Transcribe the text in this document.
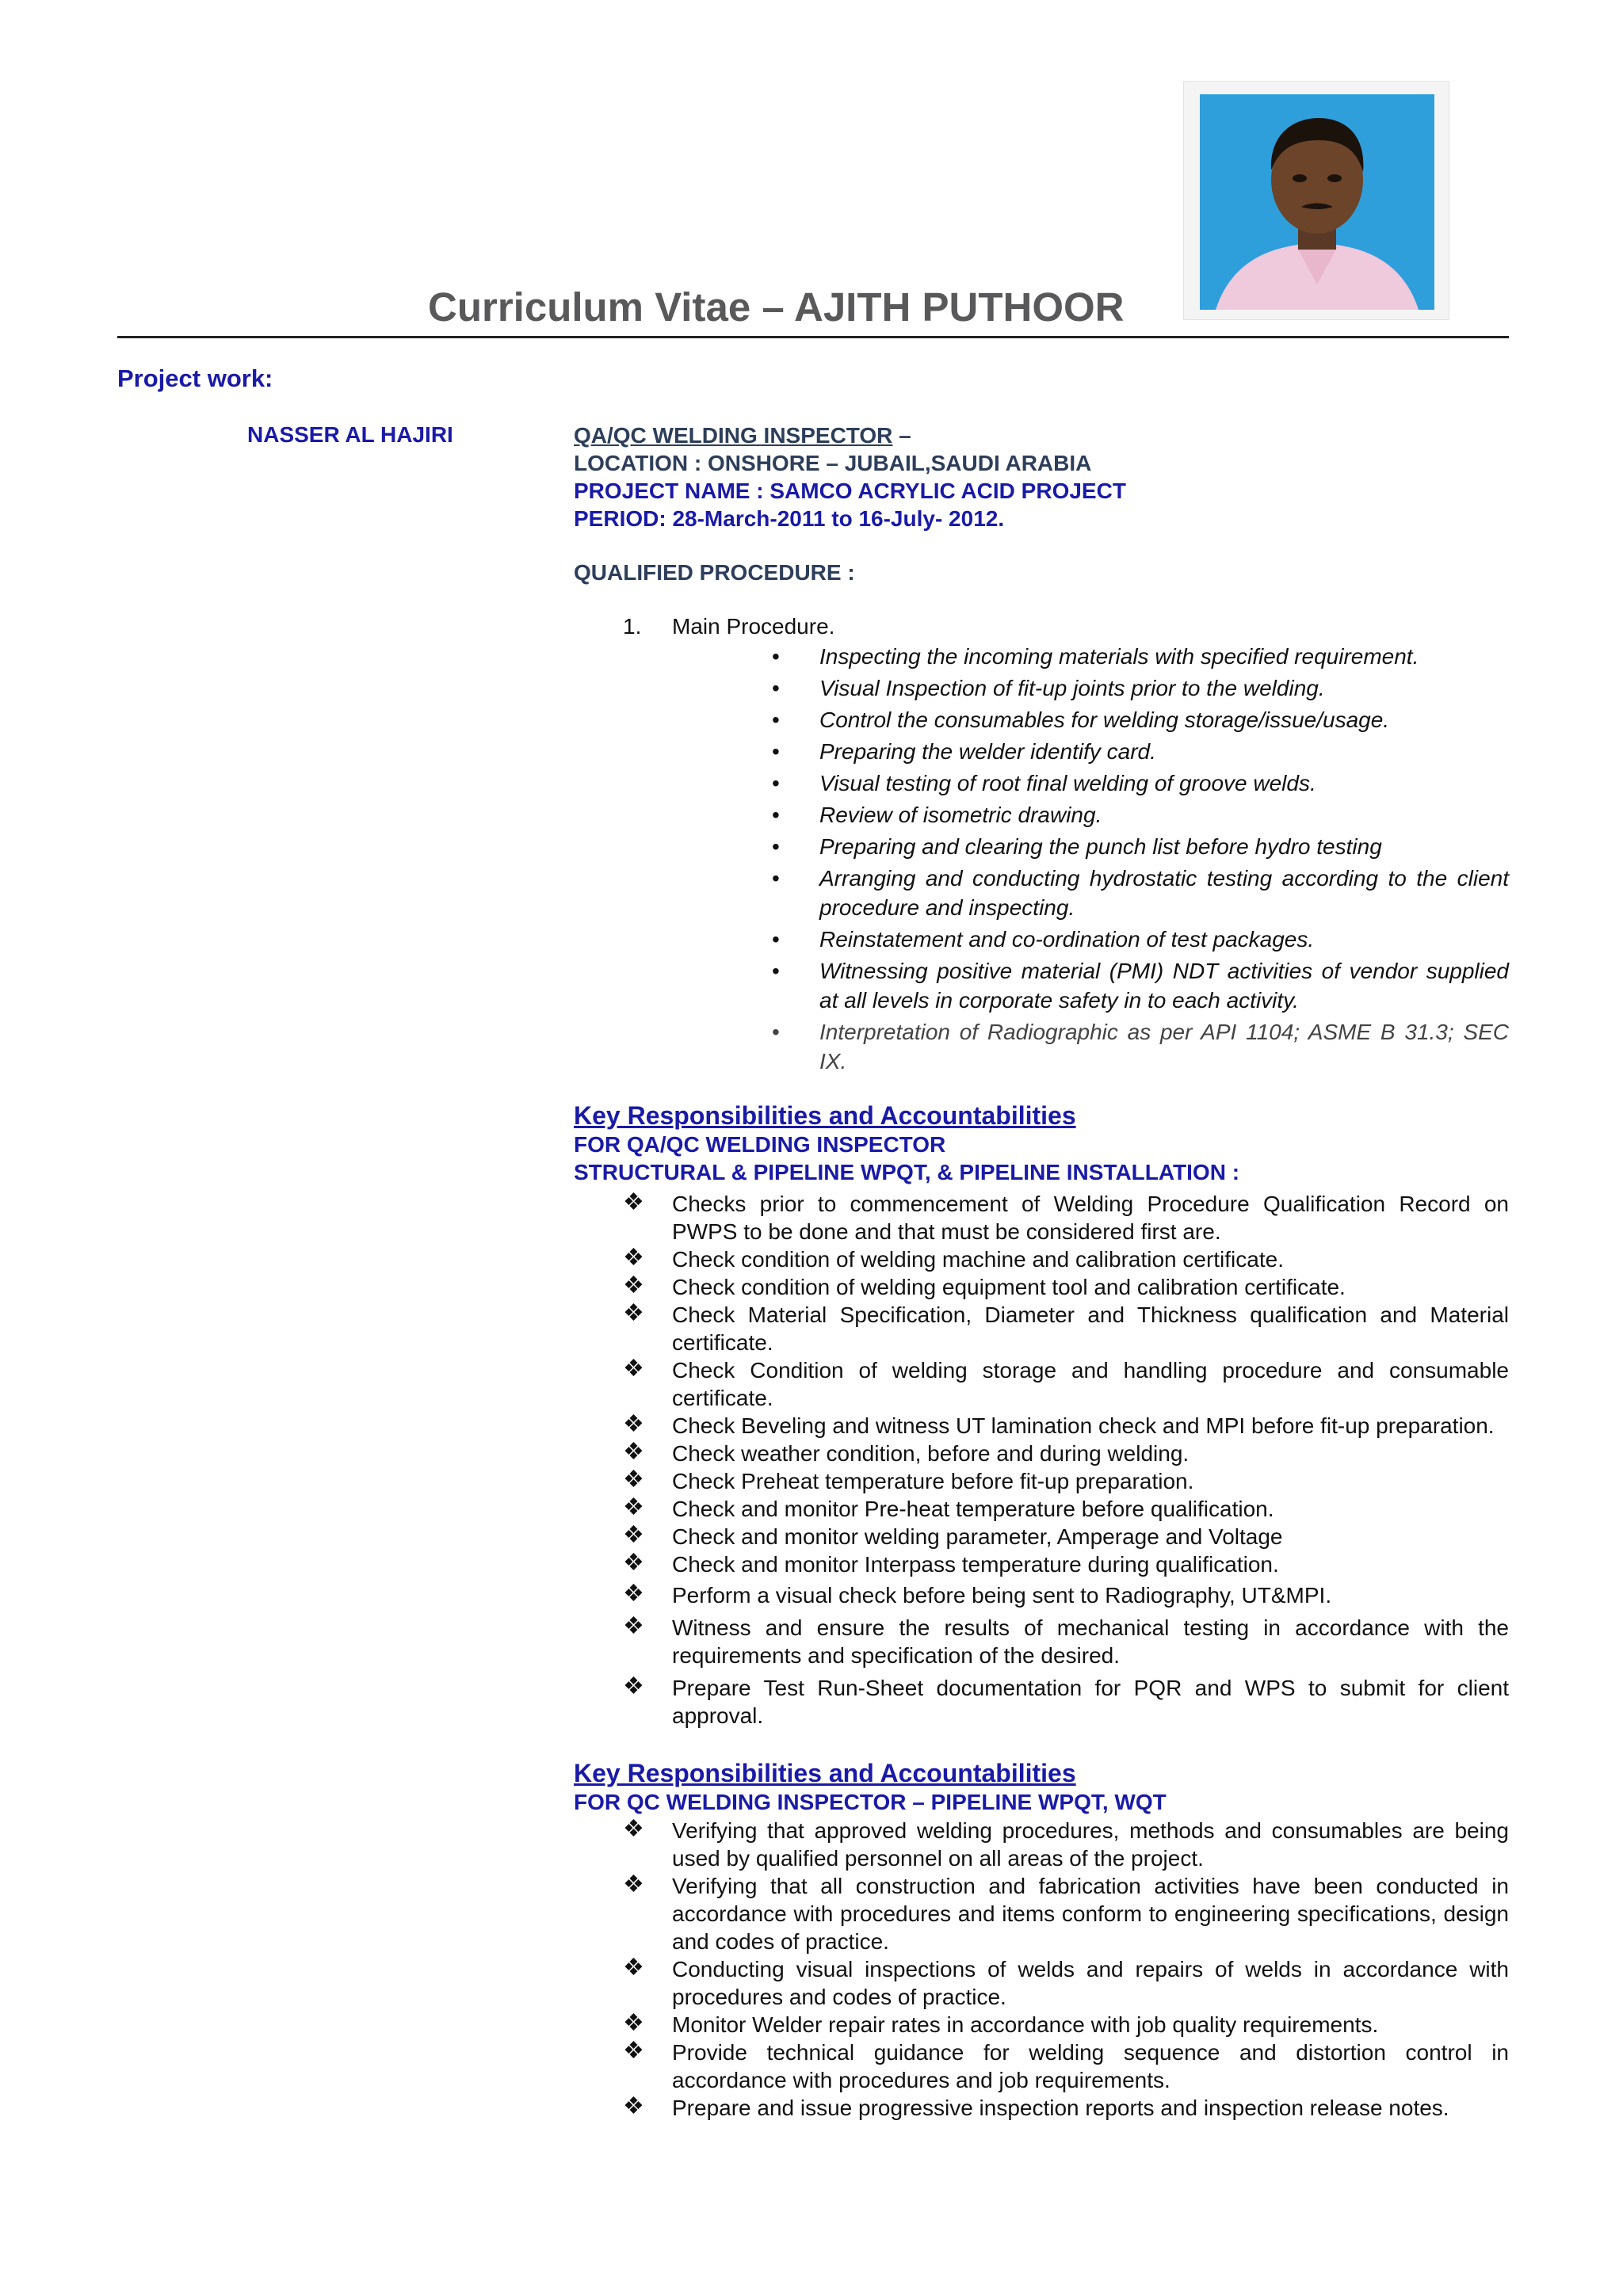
Curriculum Vitae – AJITH PUTHOOR
Project work:
NASSER AL HAJIRI	QA/QC WELDING INSPECTOR –
LOCATION : ONSHORE – JUBAIL,SAUDI ARABIA
PROJECT NAME : SAMCO ACRYLIC ACID PROJECT
PERIOD: 28-March-2011 to 16-July- 2012.
QUALIFIED PROCEDURE :
1. Main Procedure.
• Inspecting the incoming materials with specified requirement.
• Visual Inspection of fit-up joints prior to the welding.
• Control the consumables for welding storage/issue/usage.
• Preparing the welder identify card.
• Visual testing of root final welding of groove welds.
• Review of isometric drawing.
• Preparing and clearing the punch list before hydro testing
• Arranging and conducting hydrostatic testing according to the client procedure and inspecting.
• Reinstatement and co-ordination of test packages.
• Witnessing positive material (PMI) NDT activities of vendor supplied at all levels in corporate safety in to each activity.
• Interpretation of Radiographic as per API 1104; ASME B 31.3; SEC IX.
Key Responsibilities and Accountabilities
FOR QA/QC WELDING INSPECTOR
STRUCTURAL & PIPELINE WPQT, & PIPELINE INSTALLATION :
❖ Checks prior to commencement of Welding Procedure Qualification Record on PWPS to be done and that must be considered first are.
❖ Check condition of welding machine and calibration certificate.
❖ Check condition of welding equipment tool and calibration certificate.
❖ Check Material Specification, Diameter and Thickness qualification and Material certificate.
❖ Check Condition of welding storage and handling procedure and consumable certificate.
❖ Check Beveling and witness UT lamination check and MPI before fit-up preparation.
❖ Check weather condition, before and during welding.
❖ Check Preheat temperature before fit-up preparation.
❖ Check and monitor Pre-heat temperature before qualification.
❖ Check and monitor welding parameter, Amperage and Voltage
❖ Check and monitor Interpass temperature during qualification.
❖ Perform a visual check before being sent to Radiography, UT&MPI.
❖ Witness and ensure the results of mechanical testing in accordance with the requirements and specification of the desired.
❖ Prepare Test Run-Sheet documentation for PQR and WPS to submit for client approval.
Key Responsibilities and Accountabilities
FOR QC WELDING INSPECTOR – PIPELINE WPQT, WQT
❖ Verifying that approved welding procedures, methods and consumables are being used by qualified personnel on all areas of the project.
❖ Verifying that all construction and fabrication activities have been conducted in accordance with procedures and items conform to engineering specifications, design and codes of practice.
❖ Conducting visual inspections of welds and repairs of welds in accordance with procedures and codes of practice.
❖ Monitor Welder repair rates in accordance with job quality requirements.
❖ Provide technical guidance for welding sequence and distortion control in accordance with procedures and job requirements.
❖ Prepare and issue progressive inspection reports and inspection release notes.
